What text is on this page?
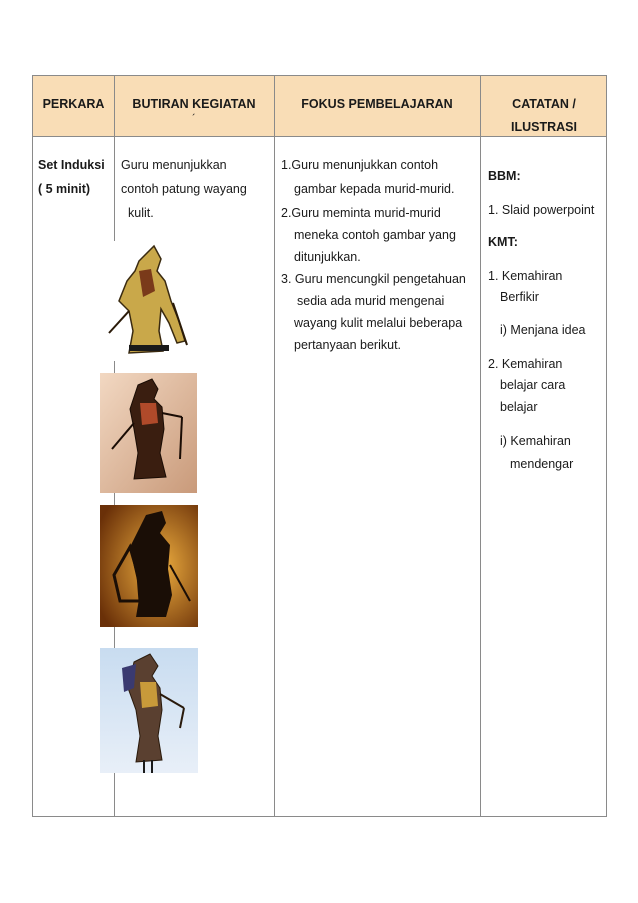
PERKARA	BUTIRAN KEGIATAN
´
FOKUS PEMBELAJARAN	CATATAN /
ILUSTRASI
Set Induksi
( 5 minit)
Guru menunjukkan
contoh patung wayang
kulit.
1.Guru menunjukkan contoh
gambar kepada murid-murid.
2.Guru meminta murid-murid
meneka contoh gambar yang
ditunjukkan.
3. Guru mencungkil pengetahuan
sedia ada murid mengenai
wayang kulit melalui beberapa
pertanyaan berikut.
BBM:
1. Slaid powerpoint
KMT:
1. Kemahiran
Berfikir
i) Menjana idea
2. Kemahiran
belajar cara
belajar
i) Kemahiran
mendengar
